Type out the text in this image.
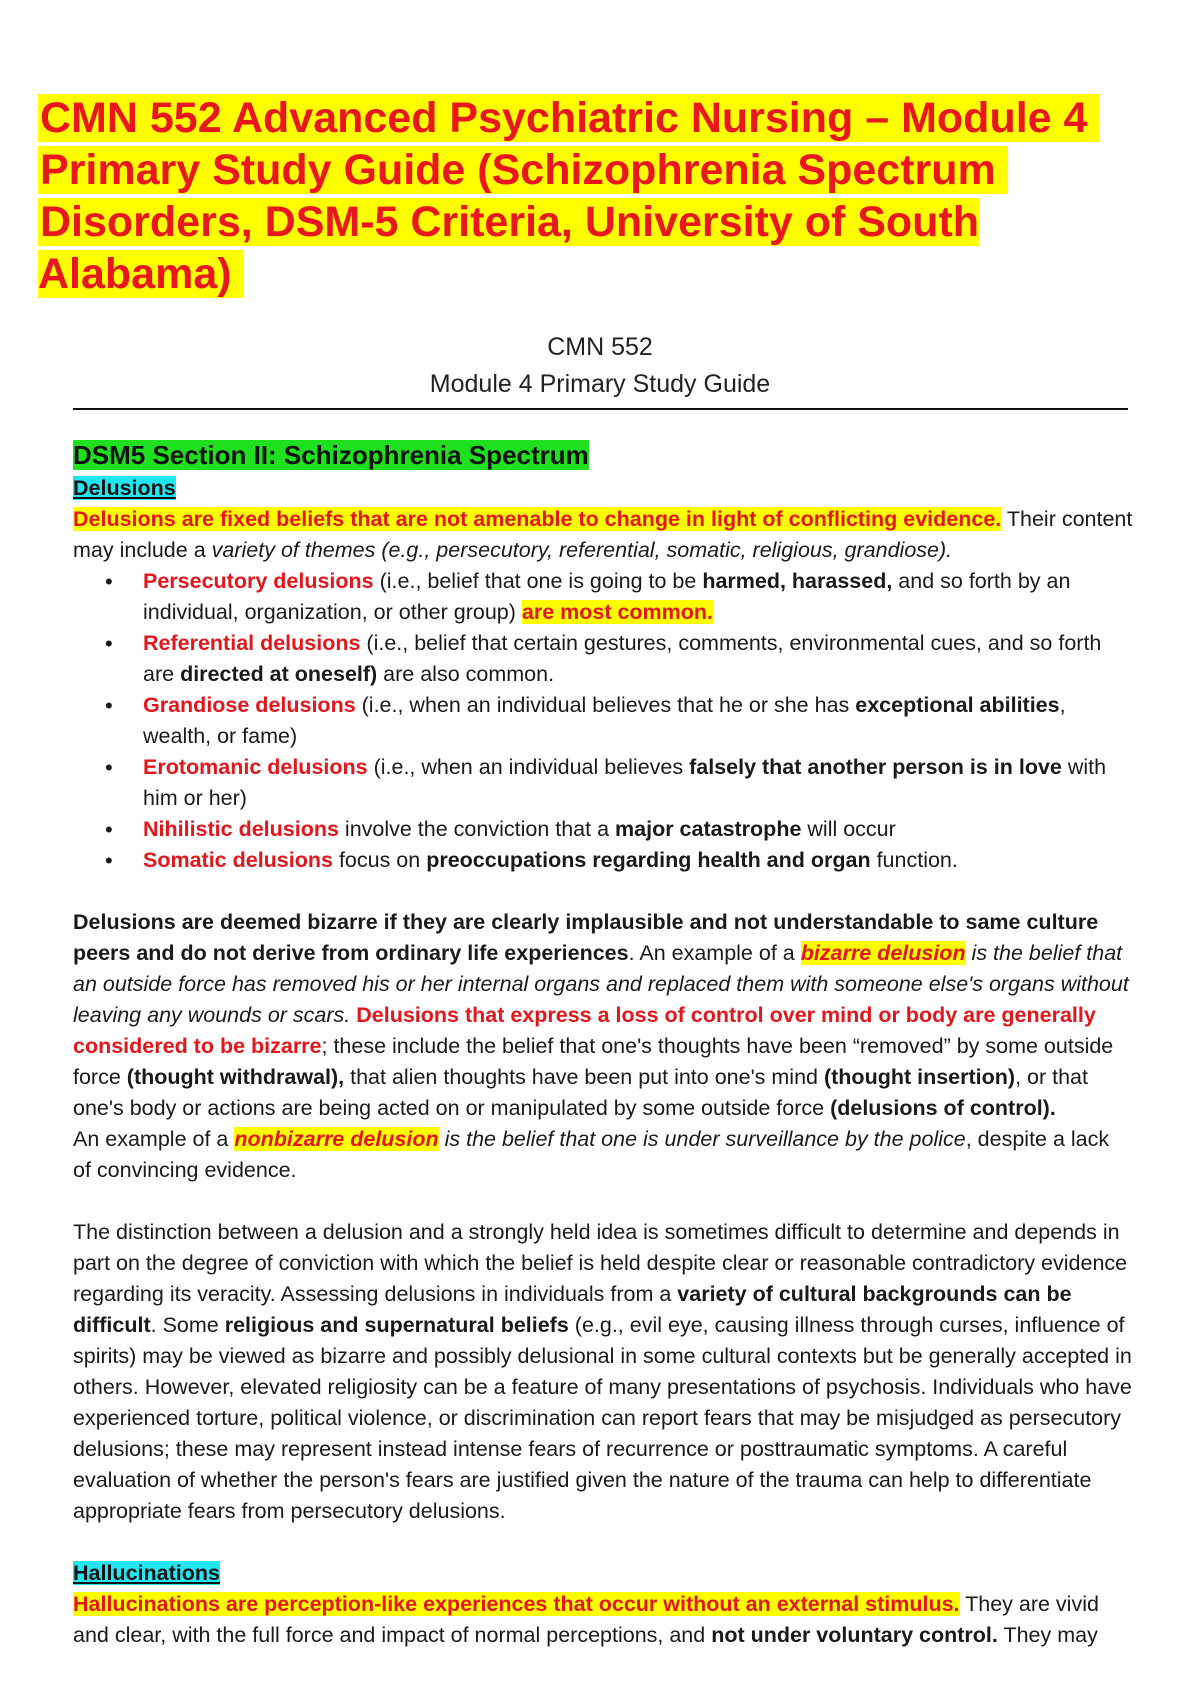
CMN 552 Advanced Psychiatric Nursing – Module 4
Primary Study Guide (Schizophrenia Spectrum
Disorders, DSM-5 Criteria, University of South Alabama)
CMN 552
Module 4 Primary Study Guide

DSM5 Section II: Schizophrenia Spectrum

Delusions

Delusions are fixed beliefs that are not amenable to change in light of conflicting evidence. Their content may include a variety of themes (e.g., persecutory, referential, somatic, religious, grandiose).

• Persecutory delusions (i.e., belief that one is going to be harmed, harassed, and so forth by an individual, organization, or other group) are most common.
• Referential delusions (i.e., belief that certain gestures, comments, environmental cues, and so forth are directed at oneself) are also common.
• Grandiose delusions (i.e., when an individual believes that he or she has exceptional abilities, wealth, or fame)
• Erotomanic delusions (i.e., when an individual believes falsely that another person is in love with him or her)
• Nihilistic delusions involve the conviction that a major catastrophe will occur
• Somatic delusions focus on preoccupations regarding health and organ function.

Delusions are deemed bizarre if they are clearly implausible and not understandable to same culture peers and do not derive from ordinary life experiences. An example of a bizarre delusion is the belief that an outside force has removed his or her internal organs and replaced them with someone else's organs without leaving any wounds or scars. Delusions that express a loss of control over mind or body are generally considered to be bizarre; these include the belief that one's thoughts have been “removed” by some outside force (thought withdrawal), that alien thoughts have been put into one's mind (thought insertion), or that one's body or actions are being acted on or manipulated by some outside force (delusions of control).
An example of a nonbizarre delusion is the belief that one is under surveillance by the police, despite a lack of convincing evidence.

The distinction between a delusion and a strongly held idea is sometimes difficult to determine and depends in part on the degree of conviction with which the belief is held despite clear or reasonable contradictory evidence regarding its veracity. Assessing delusions in individuals from a variety of cultural backgrounds can be difficult. Some religious and supernatural beliefs (e.g., evil eye, causing illness through curses, influence of spirits) may be viewed as bizarre and possibly delusional in some cultural contexts but be generally accepted in others. However, elevated religiosity can be a feature of many presentations of psychosis. Individuals who have experienced torture, political violence, or discrimination can report fears that may be misjudged as persecutory delusions; these may represent instead intense fears of recurrence or posttraumatic symptoms. A careful evaluation of whether the person's fears are justified given the nature of the trauma can help to differentiate appropriate fears from persecutory delusions.

Hallucinations

Hallucinations are perception-like experiences that occur without an external stimulus. They are vivid and clear, with the full force and impact of normal perceptions, and not under voluntary control. They may
